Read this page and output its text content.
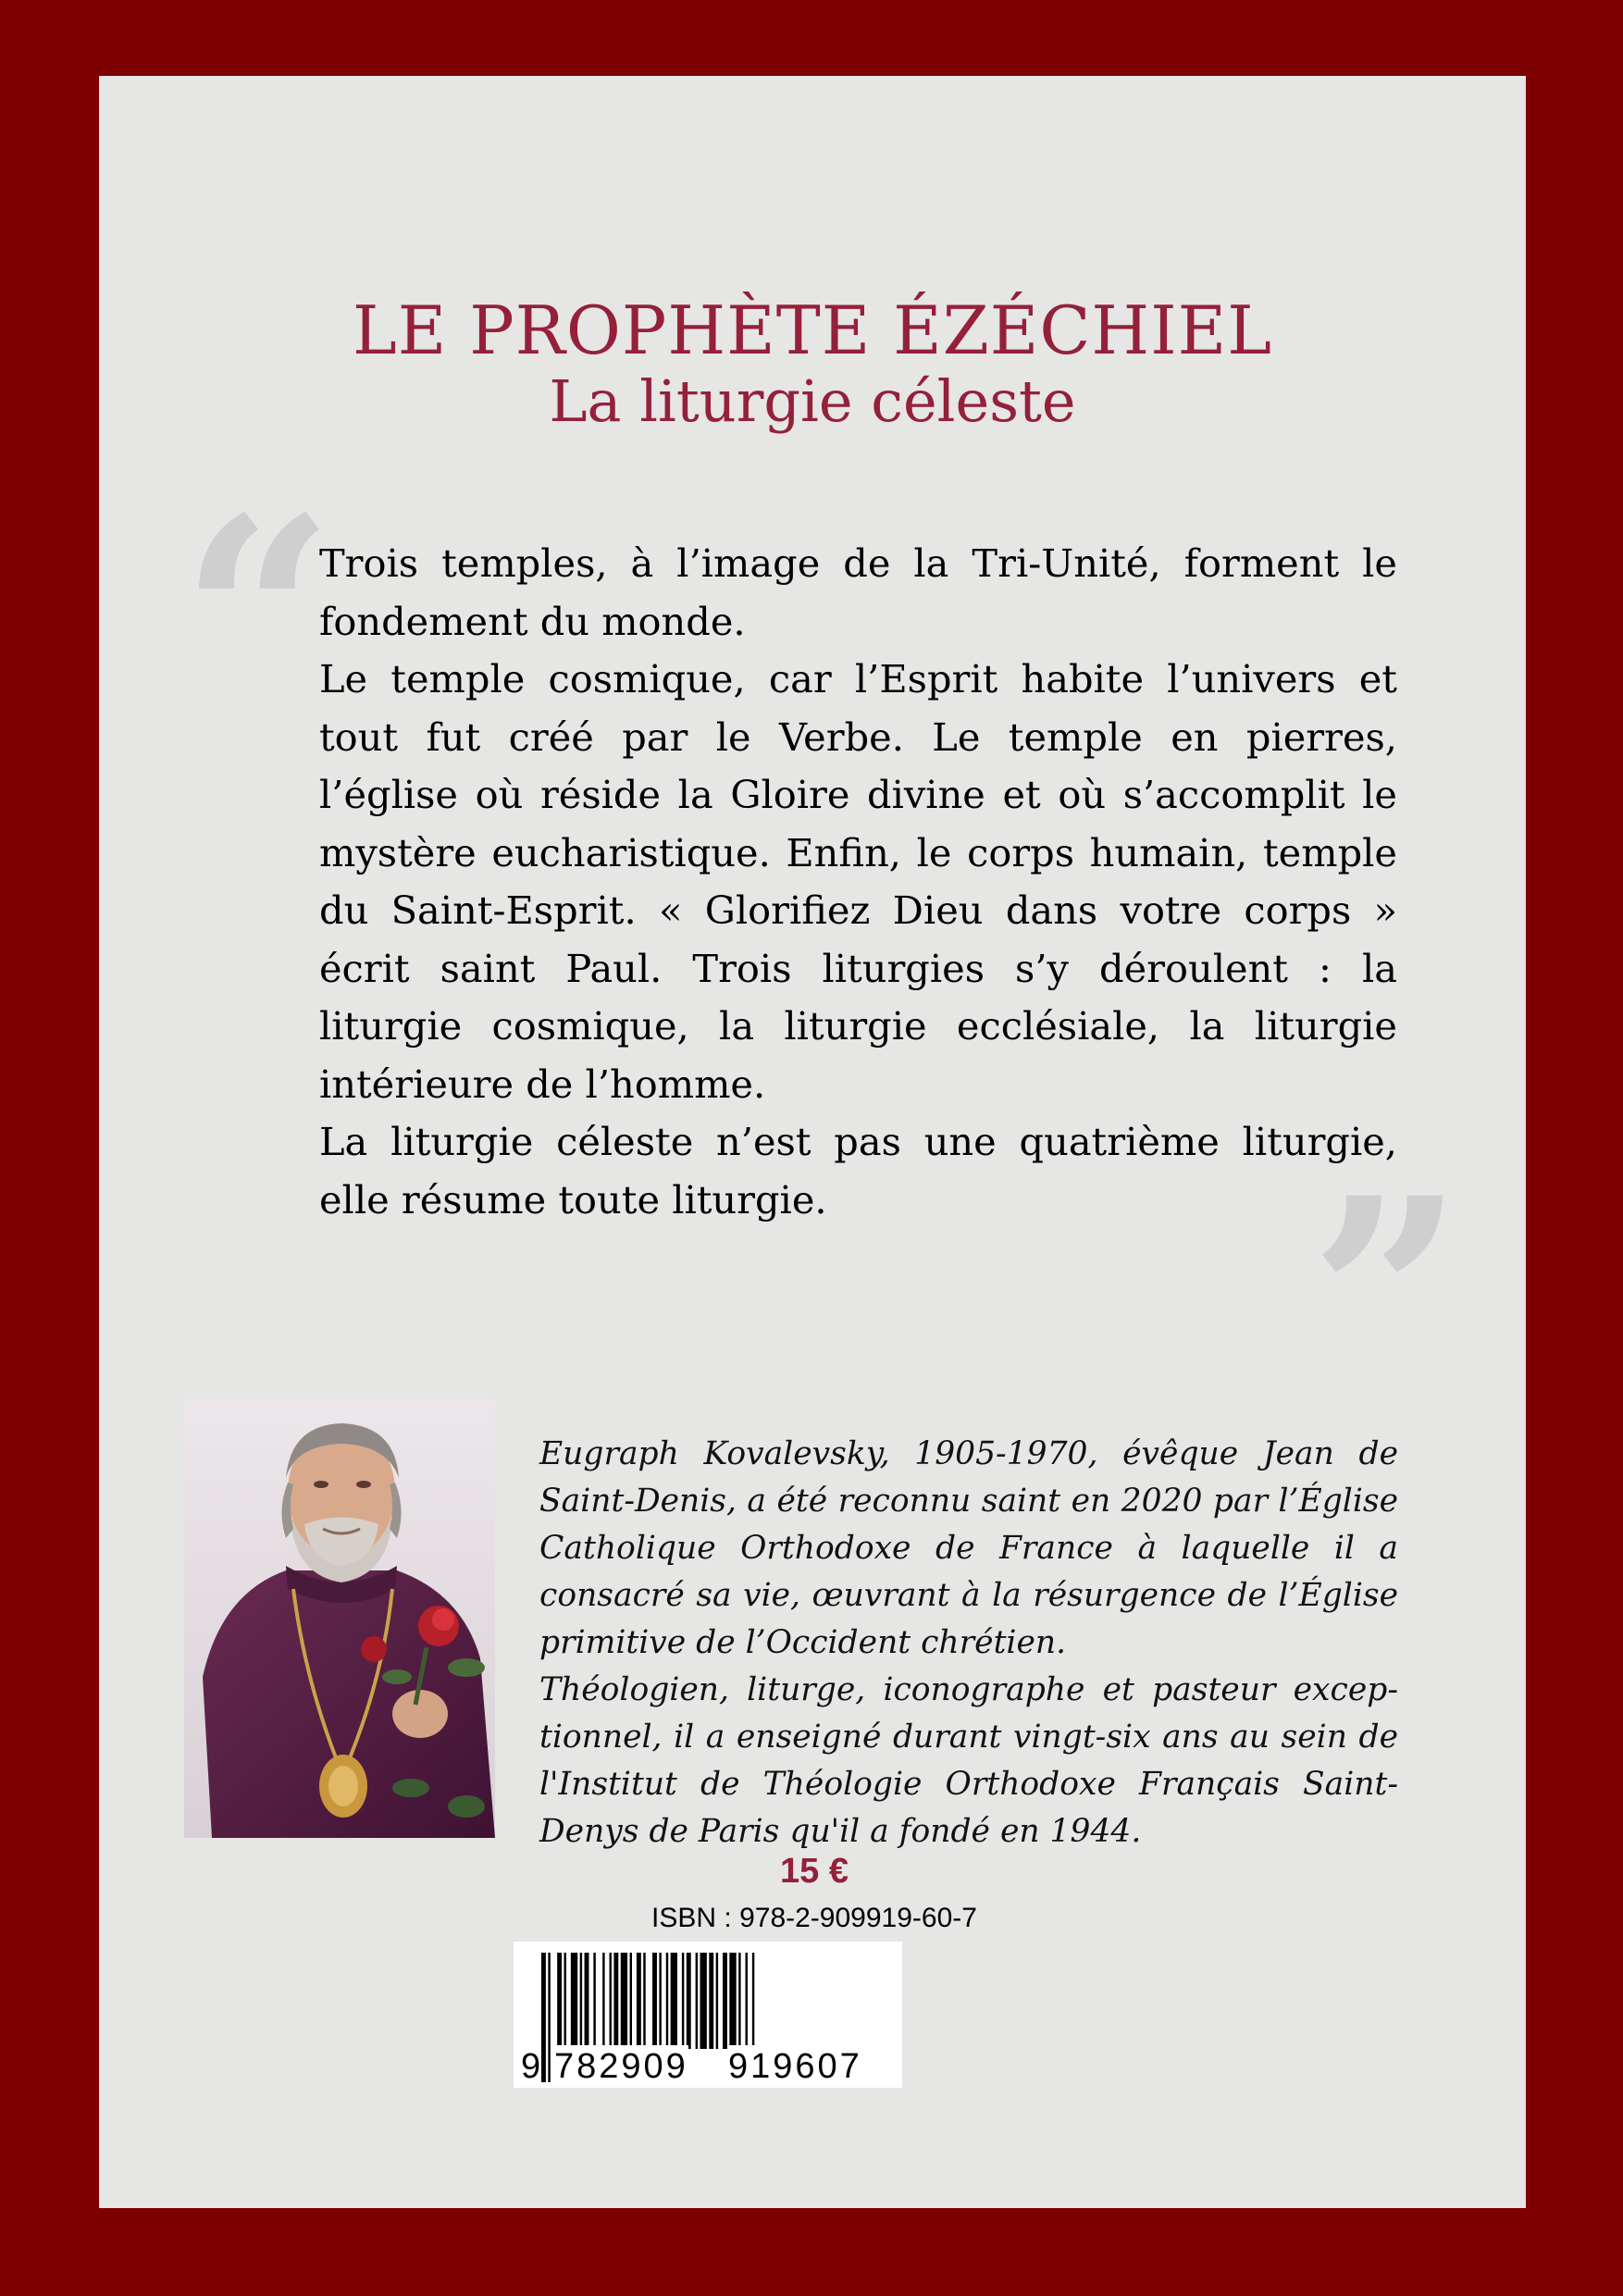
LE PROPHÈTE ÉZÉCHIEL
La liturgie céleste
“

Trois temples, à l’image de la Tri-Unité, forment le fondement du monde.

Le temple cosmique, car l’Esprit habite l’univers et tout fut créé par le Verbe. Le temple en pierres, l’église où réside la Gloire divine et où s’accomplit le mystère eucharistique. Enfin, le corps humain, temple du Saint-Esprit. « Glorifiez Dieu dans votre corps » écrit saint Paul. Trois liturgies s’y déroulent : la liturgie cosmique, la liturgie ecclésiale, la liturgie intérieure de l’homme.

La liturgie céleste n’est pas une quatrième liturgie, elle résume toute liturgie.	”

Eugraph Kovalevsky, 1905-1970, évêque Jean de Saint-Denis, a été reconnu saint en 2020 par l’Église Catholique Orthodoxe de France à laquelle il a consacré sa vie, œuvrant à la résurgence de l’Église primitive de l’Occident chrétien.

Théologien, liturge, iconographe et pasteur exceptionnel, il a enseigné durant vingt-six ans au sein de l'Institut de Théologie Orthodoxe Français Saint-Denys de Paris qu'il a fondé en 1944.

15 €
ISBN : 978-2-909919-60-7
9 782909 919607
